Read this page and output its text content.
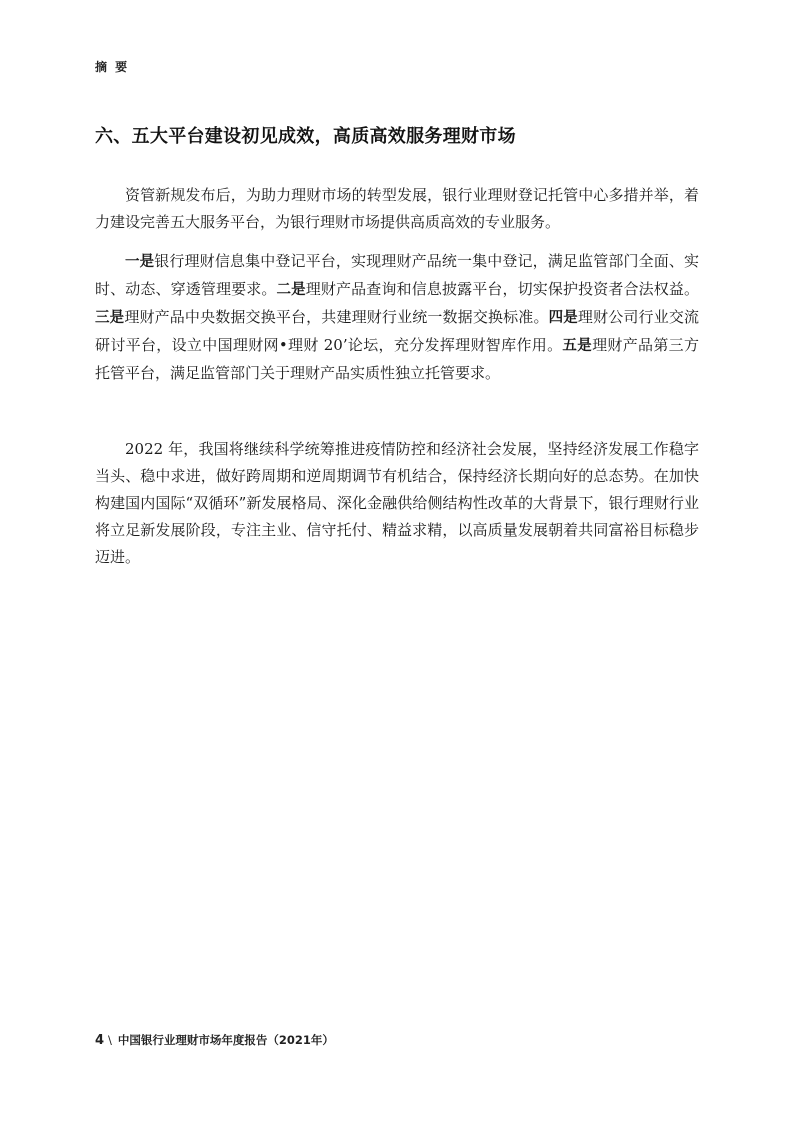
摘 要
六、五大平台建设初见成效，高质高效服务理财市场

资管新规发布后，为助力理财市场的转型发展，银行业理财登记托管中心多措并举，着力建设完善五大服务平台，为银行理财市场提供高质高效的专业服务。

一是银行理财信息集中登记平台，实现理财产品统一集中登记，满足监管部门全面、实时、动态、穿透管理要求。二是理财产品查询和信息披露平台，切实保护投资者合法权益。三是理财产品中央数据交换平台，共建理财行业统一数据交换标准。四是理财公司行业交流研讨平台，设立中国理财网•理财 20’论坛，充分发挥理财智库作用。五是理财产品第三方托管平台，满足监管部门关于理财产品实质性独立托管要求。

2022 年，我国将继续科学统筹推进疫情防控和经济社会发展，坚持经济发展工作稳字当头、稳中求进，做好跨周期和逆周期调节有机结合，保持经济长期向好的总态势。在加快构建国内国际“双循环”新发展格局、深化金融供给侧结构性改革的大背景下，银行理财行业将立足新发展阶段，专注主业、信守托付、精益求精，以高质量发展朝着共同富裕目标稳步迈进。

4 \ 中国银行业理财市场年度报告（2021年）
